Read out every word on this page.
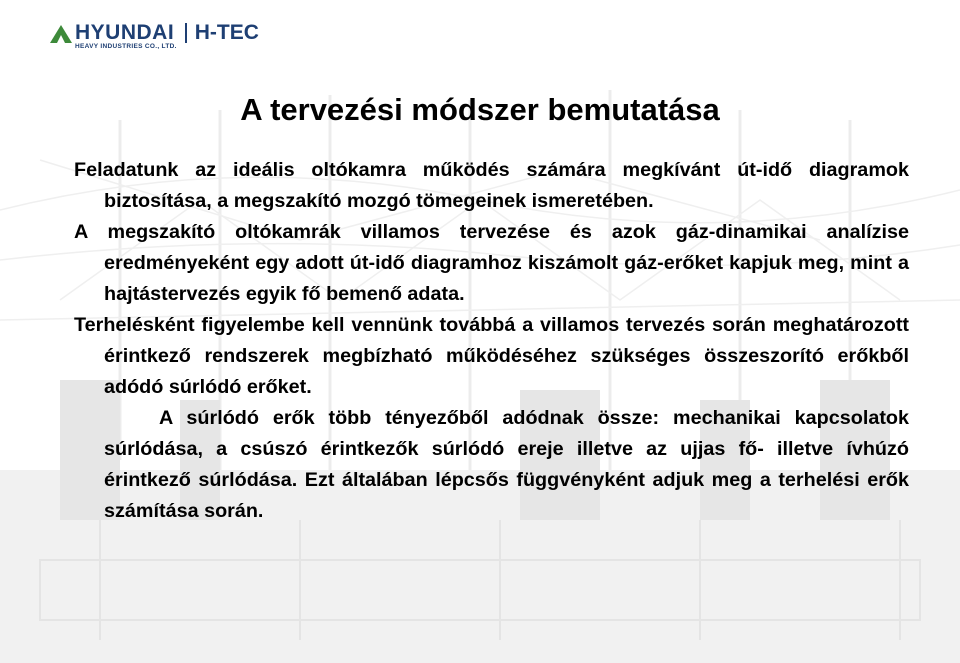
HYUNDAI
HEAVY INDUSTRIES CO., LTD.
H-TEC
A tervezési módszer bemutatása

Feladatunk az ideális oltókamra működés számára megkívánt út-idő diagramok biztosítása, a megszakító mozgó tömegeinek ismeretében.

A megszakító oltókamrák villamos tervezése és azok gáz-dinamikai analízise eredményeként egy adott út-idő diagramhoz kiszámolt gáz-erőket kapjuk meg, mint a hajtástervezés egyik fő bemenő adata.

Terhelésként figyelembe kell vennünk továbbá a villamos tervezés során meghatározott érintkező rendszerek megbízható működéséhez szükséges összeszorító erőkből adódó súrlódó erőket.

A súrlódó erők több tényezőből adódnak össze: mechanikai kapcsolatok súrlódása, a csúszó érintkezők súrlódó ereje illetve az ujjas fő- illetve ívhúzó érintkező súrlódása. Ezt általában lépcsős függvényként adjuk meg a terhelési erők számítása során.
